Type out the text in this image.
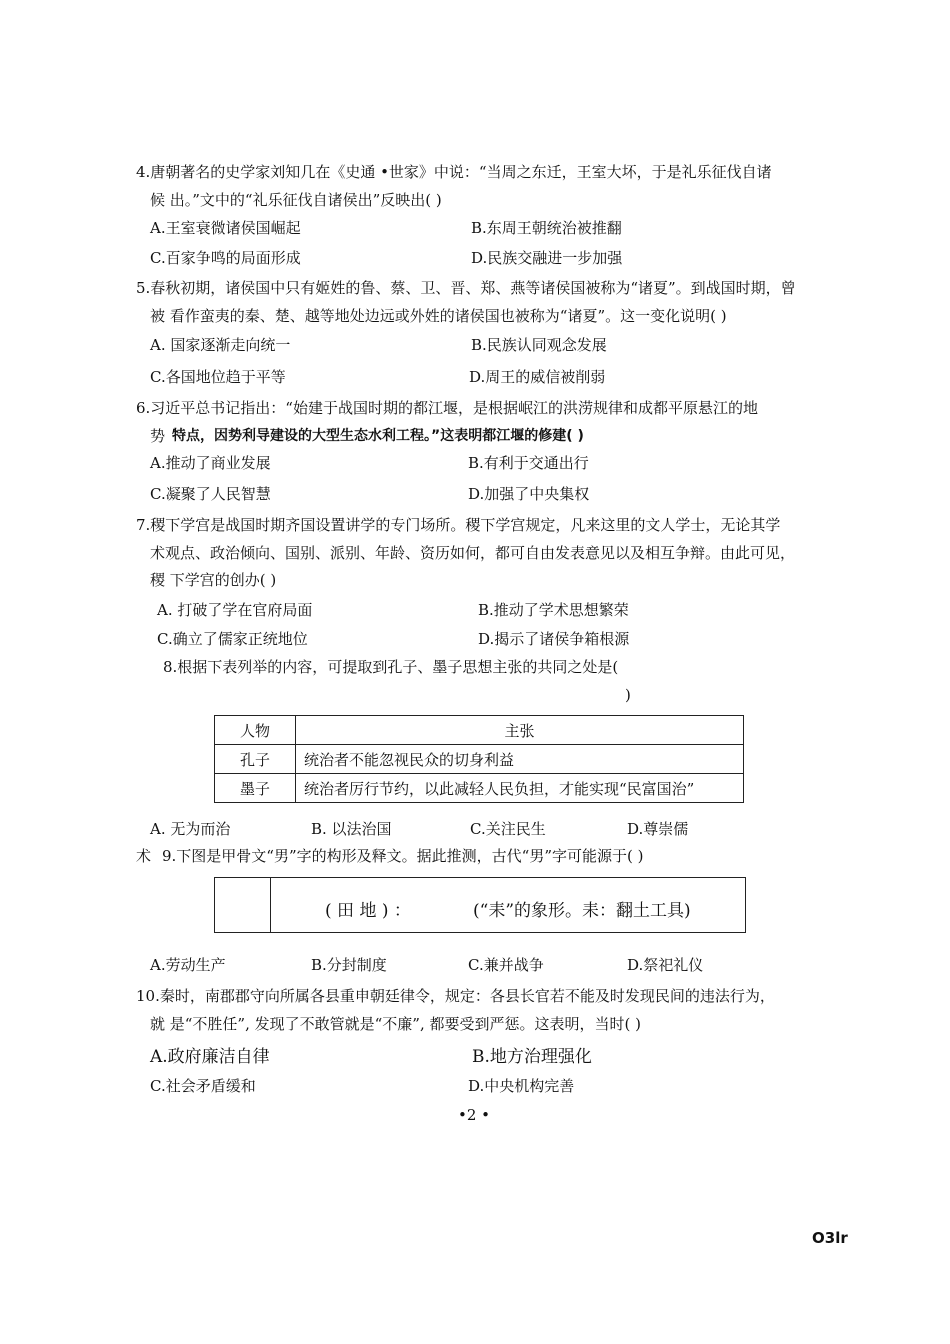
4.唐朝著名的史学家刘知几在《史通 •世家》中说：“当周之东迁，王室大坏，于是礼乐征伐自诸
候 出。”文中的“礼乐征伐自诸侯出”反映出( )
A.王室衰微诸侯国崛起	B.东周王朝统治被推翻
C.百家争鸣的局面形成	D.民族交融进一步加强
5.春秋初期，诸侯国中只有姬姓的鲁、蔡、卫、晋、郑、燕等诸侯国被称为“诸夏”。到战国时期，曾
被 看作蛮夷的秦、楚、越等地处边远或外姓的诸侯国也被称为“诸夏”。这一变化说明( )
A. 国家逐渐走向统一	B.民族认同观念发展
C.各国地位趋于平等	D.周王的威信被削弱
6.习近平总书记指出：“始建于战国时期的都江堰，是根据岷江的洪涝规律和成都平原悬江的地
势 特点，因势利导建设的大型生态水利工程。”这表明都江堰的修建( )
A.推动了商业发展	B.有利于交通出行
C.凝聚了人民智慧	D.加强了中央集权
7.稷下学宫是战国时期齐国设置讲学的专门场所。稷下学宫规定，凡来这里的文人学士，无论其学
术观点、政治倾向、国别、派别、年龄、资历如何，都可自由发表意见以及相互争辩。由此可见，
稷 下学宫的创办( )
A. 打破了学在官府局面	B.推动了学术思想繁荣
C.确立了儒家正统地位	D.揭示了诸侯争箱根源
8.根据下表列举的内容，可提取到孔子、墨子思想主张的共同之处是(
)
人物	主张
孔子	统治者不能忽视民众的切身利益
墨子	统治者厉行节约，以此减轻人民负担，才能实现“民富国治”
A. 无为而治	B. 以法治国	C.关注民生	D.尊崇儒
术 9.下图是甲骨文“男”字的构形及释文。据此推测，古代“男”字可能源于( )
( 田 地 ) ：	(“耒”的象形。耒：翻土工具)
A.劳动生产	B.分封制度	C.兼并战争	D.祭祀礼仪
10.秦时，南郡郡守向所属各县重申朝廷律令，规定：各县长官若不能及时发现民间的违法行为，
就 是“不胜任”, 发现了不敢管就是“不廉”, 都要受到严惩。这表明，当时( )
A.政府廉洁自律	B.地方治理强化
C.社会矛盾缓和	D.中央机构完善
•2 •
O3lr
